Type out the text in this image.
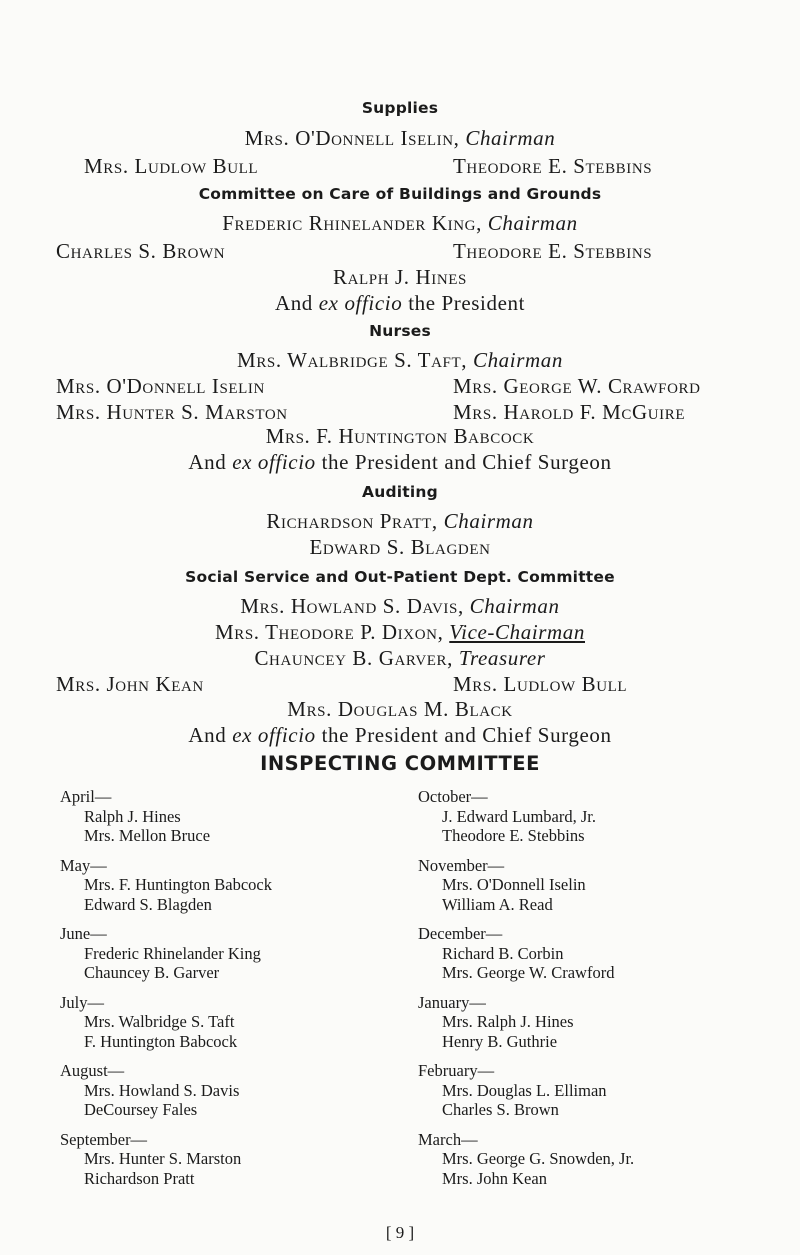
Supplies
Mrs. O'Donnell Iselin, Chairman
Mrs. Ludlow Bull	Theodore E. Stebbins
Committee on Care of Buildings and Grounds
Frederic Rhinelander King, Chairman
Charles S. Brown	Theodore E. Stebbins
Ralph J. Hines
And ex officio the President
Nurses
Mrs. Walbridge S. Taft, Chairman
Mrs. O'Donnell Iselin	Mrs. George W. Crawford
Mrs. Hunter S. Marston	Mrs. Harold F. McGuire
Mrs. F. Huntington Babcock
And ex officio the President and Chief Surgeon
Auditing
Richardson Pratt, Chairman
Edward S. Blagden
Social Service and Out-Patient Dept. Committee
Mrs. Howland S. Davis, Chairman
Mrs. Theodore P. Dixon, Vice-Chairman
Chauncey B. Garver, Treasurer
Mrs. John Kean	Mrs. Ludlow Bull
Mrs. Douglas M. Black
And ex officio the President and Chief Surgeon
INSPECTING COMMITTEE
April—
Ralph J. Hines
Mrs. Mellon Bruce
May—
Mrs. F. Huntington Babcock
Edward S. Blagden
June—
Frederic Rhinelander King
Chauncey B. Garver
July—
Mrs. Walbridge S. Taft
F. Huntington Babcock
August—
Mrs. Howland S. Davis
DeCoursey Fales
September—
Mrs. Hunter S. Marston
Richardson Pratt
October—
J. Edward Lumbard, Jr.
Theodore E. Stebbins
November—
Mrs. O'Donnell Iselin
William A. Read
December—
Richard B. Corbin
Mrs. George W. Crawford
January—
Mrs. Ralph J. Hines
Henry B. Guthrie
February—
Mrs. Douglas L. Elliman
Charles S. Brown
March—
Mrs. George G. Snowden, Jr.
Mrs. John Kean
[ 9 ]
